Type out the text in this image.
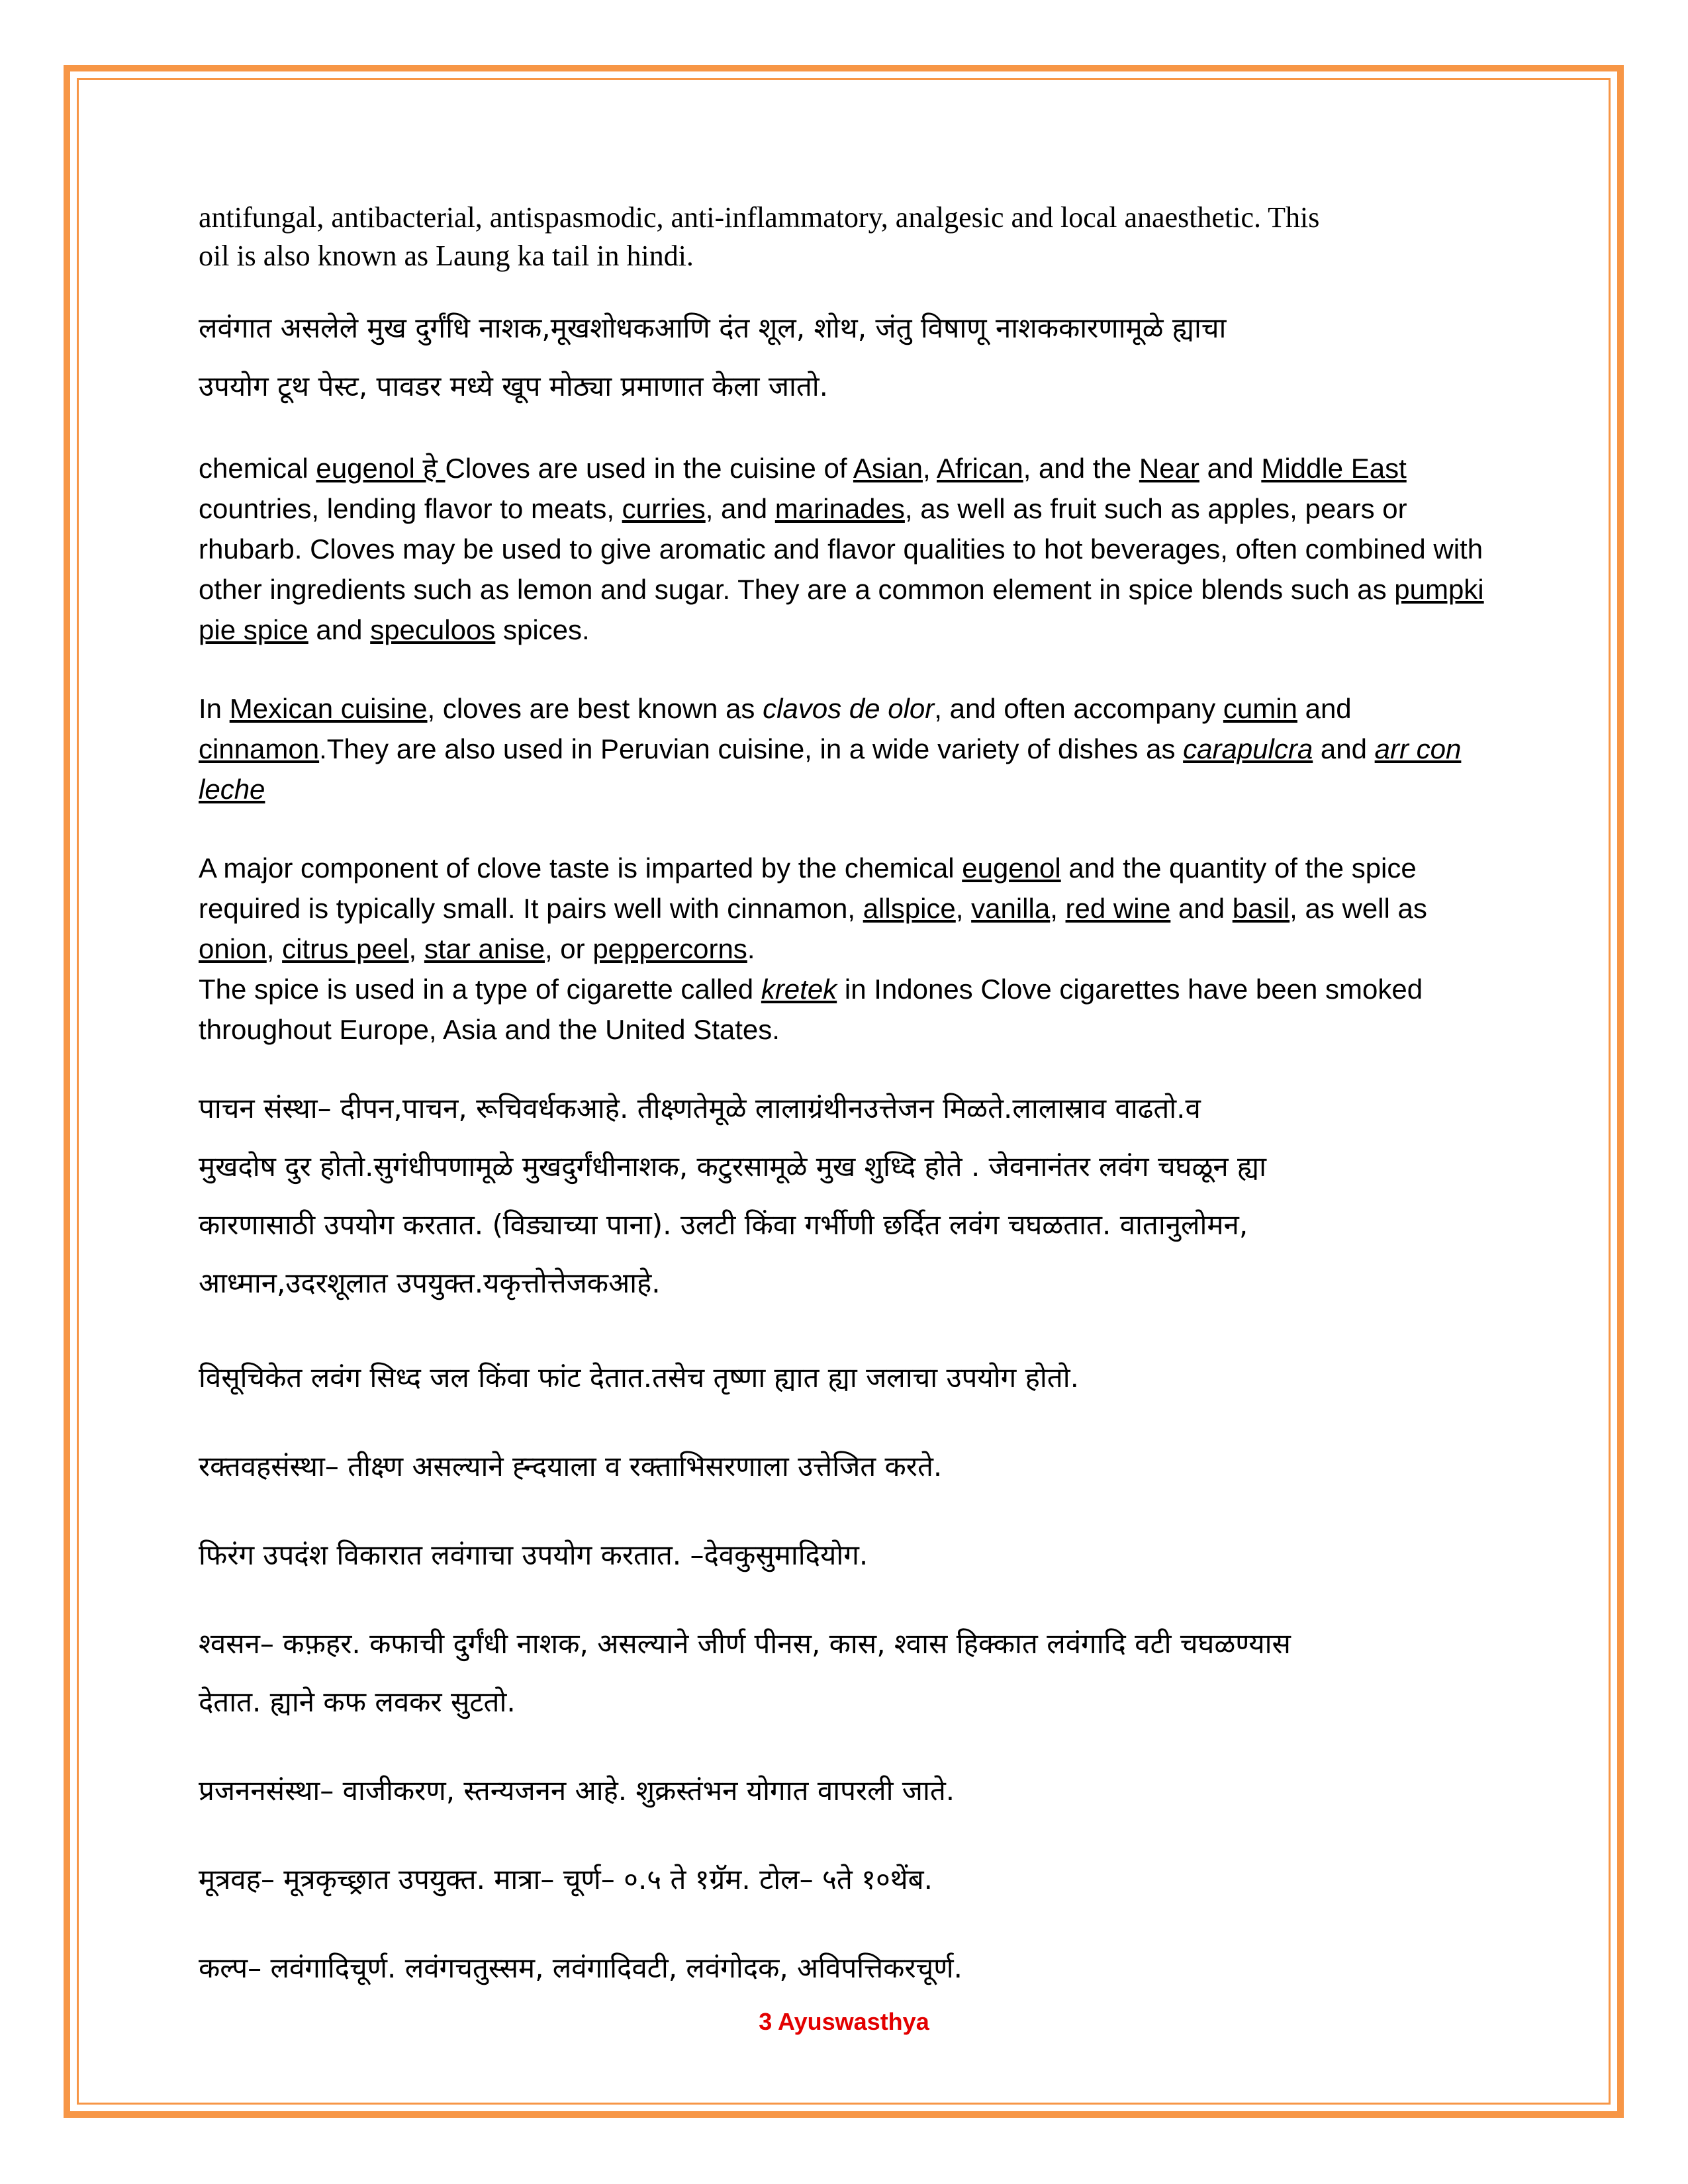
antifungal, antibacterial, antispasmodic, anti-inflammatory, analgesic and local anaesthetic. This
oil is also known as Laung ka tail in hindi.
लवंगात असलेले मुख दुर्गंधि नाशक,मूखशोधकआणि दंत शूल, शोथ, जंतु विषाणू नाशककारणामूळे ह्याचा
उपयोग टूथ पेस्ट, पावडर मध्ये खूप मोठ्या प्रमाणात केला जातो.
chemical eugenol हे Cloves are used in the cuisine of Asian, African, and the Near and Middle East countries, lending flavor to meats, curries, and marinades, as well as fruit such as apples, pears or rhubarb. Cloves may be used to give aromatic and flavor qualities to hot beverages, often combined with other ingredients such as lemon and sugar. They are a common element in spice blends such as pumpki pie spice and speculoos spices.
In Mexican cuisine, cloves are best known as clavos de olor, and often accompany cumin and cinnamon.They are also used in Peruvian cuisine, in a wide variety of dishes as carapulcra and arr con leche
A major component of clove taste is imparted by the chemical eugenol and the quantity of the spice required is typically small. It pairs well with cinnamon, allspice, vanilla, red wine and basil, as well as onion, citrus peel, star anise, or peppercorns.
The spice is used in a type of cigarette called kretek in Indones Clove cigarettes have been smoked throughout Europe, Asia and the United States.
पाचन संस्था– दीपन,पाचन, रूचिवर्धकआहे. तीक्ष्णतेमूळे लालाग्रंथीनउत्तेजन मिळते.लालास्राव वाढतो.व
मुखदोष दुर होतो.सुगंधीपणामूळे मुखदुर्गंधीनाशक, कटुरसामूळे मुख शुध्दि होते . जेवनानंतर लवंग चघळून ह्या
कारणासाठी उपयोग करतात. (विड्याच्या पाना). उलटी किंवा गर्भीणी छर्दित लवंग चघळतात. वातानुलोमन,
आध्मान,उदरशूलात उपयुक्त.यकृत्तोत्तेजकआहे.
विसूचिकेत लवंग सिध्द जल किंवा फांट देतात.तसेच तृष्णा ह्यात ह्या जलाचा उपयोग होतो.
रक्तवहसंस्था– तीक्ष्ण असल्याने ह्न्दयाला व रक्ताभिसरणाला उत्तेजित करते.
फिरंग उपदंश विकारात लवंगाचा उपयोग करतात. –देवकुसुमादियोग.
श्वसन– कफ़हर. कफाची दुर्गंधी नाशक, असल्याने जीर्ण पीनस, कास, श्वास हिक्कात लवंगादि वटी चघळण्यास
देतात. ह्याने कफ लवकर सुटतो.
प्रजननसंस्था– वाजीकरण, स्तन्यजनन आहे. शुक्रस्तंभन योगात वापरली जाते.
मूत्रवह– मूत्रकृच्छ्रात उपयुक्त. मात्रा– चूर्ण– ०.५ ते १ग्रॅम. टोल– ५ते १०थेंब.
कल्प– लवंगादिचूर्ण. लवंगचतुस्सम, लवंगादिवटी, लवंगोदक, अविपत्तिकरचूर्ण.
3 Ayuswasthya
